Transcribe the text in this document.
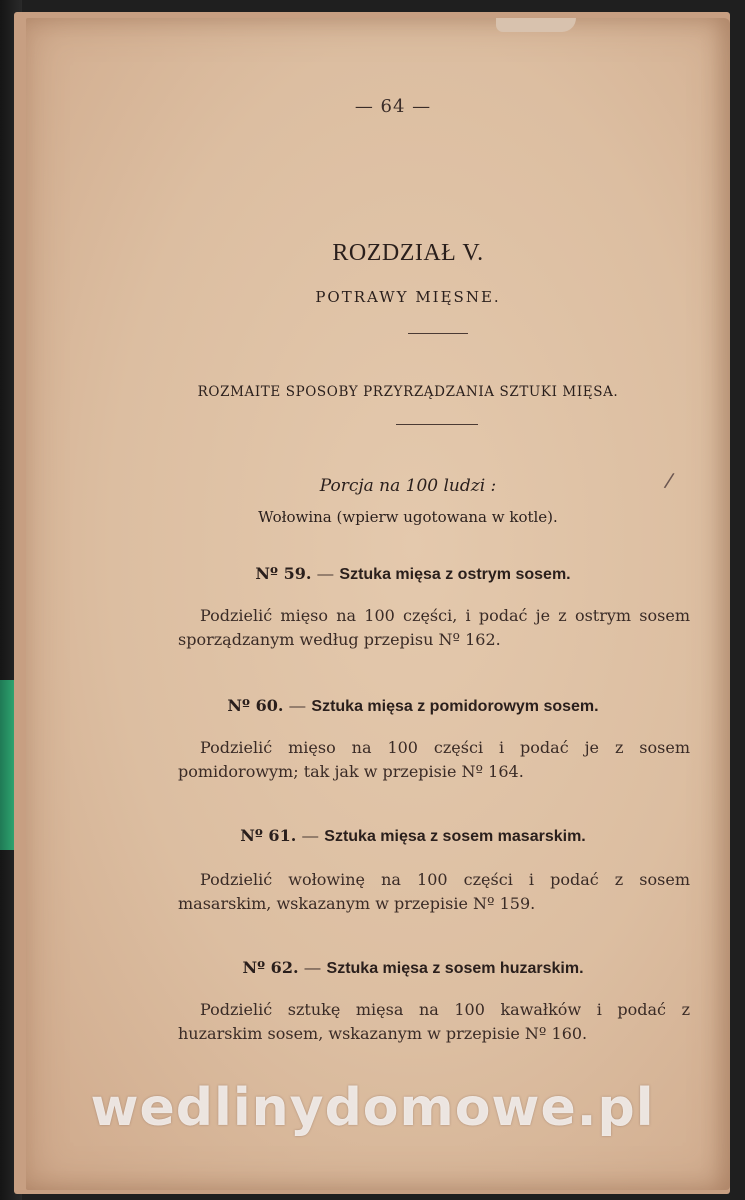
— 64 —
ROZDZIAŁ V.
POTRAWY MIĘSNE.
ROZMAITE SPOSOBY PRZYRZĄDZANIA SZTUKI MIĘSA.
/
Porcja na 100 ludzi :
Wołowina (wpierw ugotowana w kotle).
Nº 59. — Sztuka mięsa z ostrym sosem.
Podzielić mięso na 100 części, i podać je z ostrym sosem sporządzanym według przepisu Nº 162.
Nº 60. — Sztuka mięsa z pomidorowym sosem.
Podzielić mięso na 100 części i podać je z sosem pomidorowym; tak jak w przepisie Nº 164.
Nº 61. — Sztuka mięsa z sosem masarskim.
Podzielić wołowinę na 100 części i podać z sosem masarskim, wskazanym w przepisie Nº 159.
Nº 62. — Sztuka mięsa z sosem huzarskim.
Podzielić sztukę mięsa na 100 kawałków i podać z huzarskim sosem, wskazanym w przepisie Nº 160.
wedlinydomowe.pl
